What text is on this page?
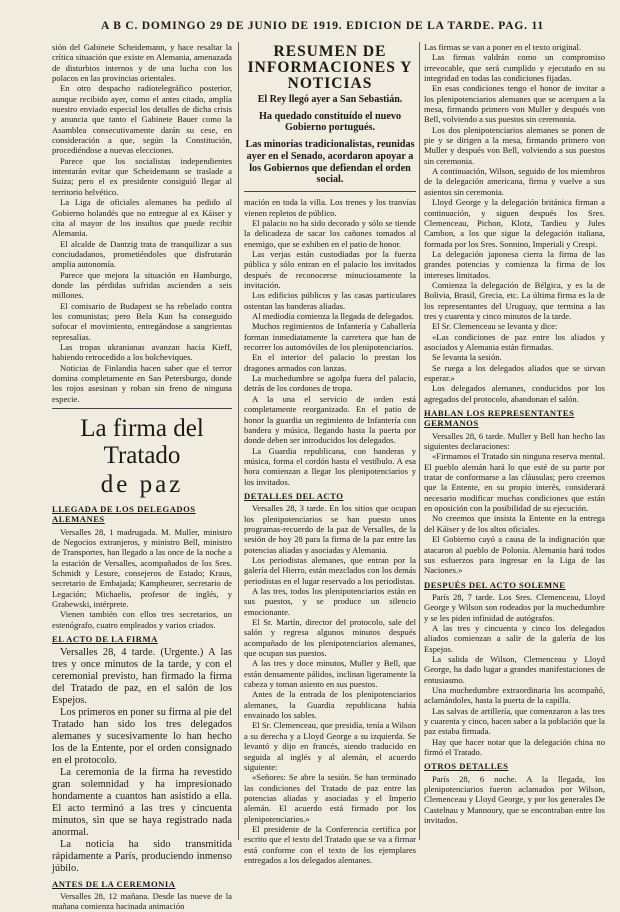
A B C. DOMINGO 29 DE JUNIO DE 1919. EDICION DE LA TARDE. PAG. 11

sión del Gabinete Scheidemann, y hace resaltar la crítica situación que existe en Alemania, amenazada de disturbios internos y de una lucha con los polacos en las provincias orientales.

En otro despacho radiotelegráfico posterior, aunque recibido ayer, como el antes citado, amplía nuestro enviado especial los detalles de dicha crisis y anuncia que tanto el Gabinete Bauer como la Asamblea consecutivamente darán su cese, en consideración a que, según la Constitución, procediéndose a nuevas elecciones.

Parece que los socialistas independientes intentarán evitar que Scheidemann se traslade a Suiza; pero el ex presidente consiguió llegar al territorio helvético.

La Liga de oficiales alemanes ha pedido al Gobierno holandés que no entregue al ex Káiser y cita al mayor de los insultos que puede recibir Alemania.

El alcalde de Dantzig trata de tranquilizar a sus conciudadanos, prometiéndoles que disfrutarán amplia autonomía.

Parece que mejora la situación en Hamburgo, donde las pérdidas sufridas ascienden a seis millones.

El comisario de Budapest se ha rebelado contra los comunistas; pero Bela Kun ha conseguido sofocar el movimiento, entregándose a sangrientas represalias.

Las tropas ukranianas avanzan hacia Kieff, habiendo retrocedido a los bolcheviques.

Noticias de Finlandia hacen saber que el terror domina completamente en San Petersburgo, donde los rojos asesinan y roban sin freno de ninguna especie.

La firma del Tratado
de paz
LLEGADA DE LOS DELEGADOS ALEMANES

Versalles 28, 1 madrugada. M. Muller, ministro de Negocios extranjeros, y ministro Bell, ministro de Transportes, han llegado a las once de la noche a la estación de Versalles, acompañados de los Sres. Schmidt y Lesure, consejeros de Estado; Kraus, secretario de Embajada; Kampheurer, secretario de Legación; Michaelis, profesor de inglés, y Grabewski, intérprete.

Vienen también con ellos tres secretarios, un estenógrafo, cuatro empleados y varios criados.

EL ACTO DE LA FIRMA

Versalles 28, 4 tarde. (Urgente.) A las tres y once minutos de la tarde, y con el ceremonial previsto, han firmado la firma del Tratado de paz, en el salón de los Espejos.

Los primeros en poner su firma al pie del Tratado han sido los tres delegados alemanes y sucesivamente lo han hecho los de la Entente, por el orden consignado en el protocolo.

La ceremonia de la firma ha revestido gran solemnidad y ha impresionado hondamente a cuantos han asistido a ella. El acto terminó a las tres y cincuenta minutos, sin que se haya registrado nada anormal.

La noticia ha sido transmitida rápidamente a París, produciendo inmenso júbilo.

ANTES DE LA CEREMONIA

Versalles 28, 12 mañana. Desde las nueve de la mañana comienza hacinada animación

RESUMEN DE INFORMACIONES Y NOTICIAS
El Rey llegó ayer a San Sebastián.
Ha quedado constituído el nuevo Gobierno portugués.
Las minorías tradicionalistas, reunidas ayer en el Senado, acordaron apoyar a los Gobiernos que defiendan el orden social.

mación en toda la villa. Los trenes y los tranvías vienen repletos de público.

El palacio no ha sido decorado y sólo se tiende la delicadeza de sacar los cañones tomados al enemigo, que se exhiben en el patio de honor.

Las verjas están custodiadas por la fuerza pública y sólo entran en el palacio los invitados después de reconocerse minuciosamente la invitación.

Los edificios públicos y las casas particulares ostentan las banderas aliadas.

Al mediodía comienza la llegada de delegados.

Muchos regimientos de Infantería y Caballería forman inmediatamente la carretera que han de recorrer los automóviles de los plenipotenciarios.

En el interior del palacio lo prestan los dragones armados con lanzas.

La muchedumbre se agolpa fuera del palacio, detrás de los cordones de tropa.

A la una el servicio de orden está completamente reorganizado. En el patio de honor la guardia un regimiento de Infantería con bandera y música, llegando hasta la puerta por donde deben ser introducidos los delegados.

La Guardia republicana, con banderas y música, forma el cordón hasta el vestíbulo. A esa hora comienzan a llegar los plenipotenciarios y los invitados.

DETALLES DEL ACTO

Versalles 28, 3 tarde. En los sitios que ocupan los plenipotenciarios se han puesto unos programas-recuerdo de la paz de Versalles, de la sesión de hoy 28 para la firma de la paz entre las potencias aliadas y asociadas y Alemania.

Los periodistas alemanes, que entran por la galería del Hierro, están mezclados con los demás periodistas en el lugar reservado a los periodistas.

A las tres, todos los plenipotenciarios están en sus puestos, y se produce un silencio emocionante.

El Sr. Martín, director del protocolo, sale del salón y regresa algunos minutos después acompañado de los plenipotenciarios alemanes, que ocupan sus puestos.

A las tres y doce minutos, Muller y Bell, que están densamente pálidos, inclinan ligeramente la cabeza y toman asiento en sus puestos.

Antes de la entrada de los plenipotenciarios alemanes, la Guardia republicana había envainado los sables.

El Sr. Clemenceau, que presidía, tenía a Wilson a su derecha y a Lloyd George a su izquierda. Se levantó y dijo en francés, siendo traducido en seguida al inglés y al alemán, el acuerdo siguiente:

«Señores: Se abre la sesión. Se han terminado las condiciones del Tratado de paz entre las potencias aliadas y asociadas y el Imperio alemán. El acuerdo está firmado por los plenipotenciarios.»

El presidente de la Conferencia certifica por escrito que el texto del Tratado que se va a firmar está conforme con el texto de los ejemplares entregados a los delegados alemanes.

Las firmas se van a poner en el texto original.

Las firmas valdrán como un compromiso irrevocable, que será cumplido y ejecutado en su integridad en todas las condiciones fijadas.

En esas condiciones tengo el honor de invitar a los plenipotenciarios alemanes que se acerquen a la mesa, firmando primero von Muller y después von Bell, volviendo a sus puestos sin ceremonia.

Los dos plenipotenciarios alemanes se ponen de pie y se dirigen a la mesa, firmando primero von Muller y después von Bell, volviendo a sus puestos sin ceremonia.

A continuación, Wilson, seguido de los miembros de la delegación americana, firma y vuelve a sus asientos sin ceremonia.

Lloyd George y la delegación británica firman a continuación, y siguen después los Sres. Clemenceau, Pichon, Klotz, Tardieu y Jules Cambon, a los que sigue la delegación italiana, formada por los Sres. Sonnino, Imperiali y Crespi.

La delegación japonesa cierra la firma de las grandes potencias y comienza la firma de los intereses limitados.

Comienza la delegación de Bélgica, y es la de Bolivia, Brasil, Grecia, etc. La última firma es la de los representantes del Uruguay, que termina a las tres y cuarenta y cinco minutos de la tarde.

El Sr. Clemenceau se levanta y dice:

«Las condiciones de paz entre los aliados y asociados y Alemania están firmadas.

Se levanta la sesión.

Se ruega a los delegados aliados que se sirvan esperar.»

Los delegados alemanes, conducidos por los agregados del protocolo, abandonan el salón.

HABLAN LOS REPRESENTANTES GERMANOS

Versalles 28, 6 tarde. Muller y Bell han hecho las siguientes declaraciones:

«Firmamos el Tratado sin ninguna reserva mental. El pueblo alemán hará lo que esté de su parte por tratar de conformarse a las cláusulas; pero creemos que la Entente, en su propio interés, considerará necesario modificar muchas condiciones que están en oposición con la posibilidad de su ejecución.

No creemos que insista la Entente en la entrega del Káiser y de los altos oficiales.

El Gobierno cayó a causa de la indignación que atacaron al pueblo de Polonia. Alemania hará todos sus esfuerzos para ingresar en la Liga de las Naciones.»

DESPUÉS DEL ACTO SOLEMNE

París 28, 7 tarde. Los Sres. Clemenceau, Lloyd George y Wilson son rodeados por la muchedumbre y se les piden infinidad de autógrafos.

A las tres y cincuenta y cinco los delegados aliados comienzan a salir de la galería de los Espejos.

La salida de Wilson, Clemenceau y Lloyd George, ha dado lugar a grandes manifestaciones de entusiasmo.

Una muchedumbre extraordinaria los acompañó, aclamándoles, hasta la puerta de la capilla.

Las salvas de artillería, que comenzaron a las tres y cuarenta y cinco, hacen saber a la población que la paz estaba firmada.

Hay que hacer notar que la delegación china no firmó el Tratado.

OTROS DETALLES

París 28, 6 noche. A la llegada, los plenipotenciarios fueron aclamados por Wilson, Clemenceau y Lloyd George, y por los generales De Castelnau y Mannoury, que se encontraban entre los invitados.
